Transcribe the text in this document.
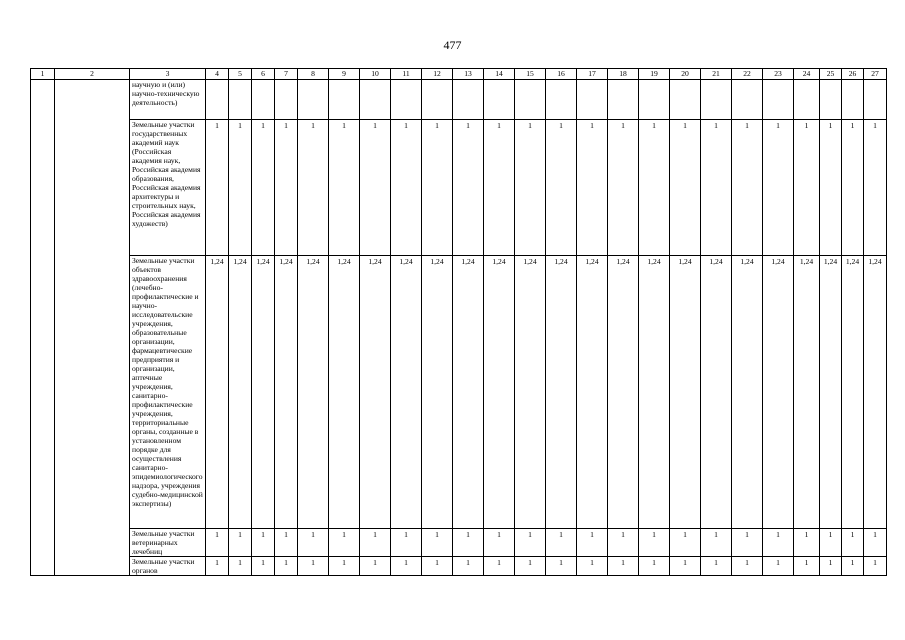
477
1	2	3	4	5	6	7	8	9	10	11	12	13	14	15	16	17	18	19	20	21	22	23	24	25	26	27
		научную и (или) научно-техническую деятельность)																								
		Земельные участки государственных академий наук (Российская академия наук, Российская академия образования, Российская академия архитектуры и строительных наук, Российская академия художеств)	1	1	1	1	1	1	1	1	1	1	1	1	1	1	1	1	1	1	1	1	1	1	1	1
		Земельные участки объектов здравоохранения (лечебно-профилактические и научно-исследовательские учреждения, образовательные организации, фармацевтические предприятия и организации, аптечные учреждения, санитарно-профилактические учреждения, территориальные органы, созданные в установленном порядке для осуществления санитарно-эпидемиологического надзора, учреждения судебно-медицинской экспертизы)	1,24	1,24	1,24	1,24	1,24	1,24	1,24	1,24	1,24	1,24	1,24	1,24	1,24	1,24	1,24	1,24	1,24	1,24	1,24	1,24	1,24	1,24	1,24	1,24
		Земельные участки ветеринарных лечебниц	1	1	1	1	1	1	1	1	1	1	1	1	1	1	1	1	1	1	1	1	1	1	1	1
		Земельные участки органов	1	1	1	1	1	1	1	1	1	1	1	1	1	1	1	1	1	1	1	1	1	1	1	1
